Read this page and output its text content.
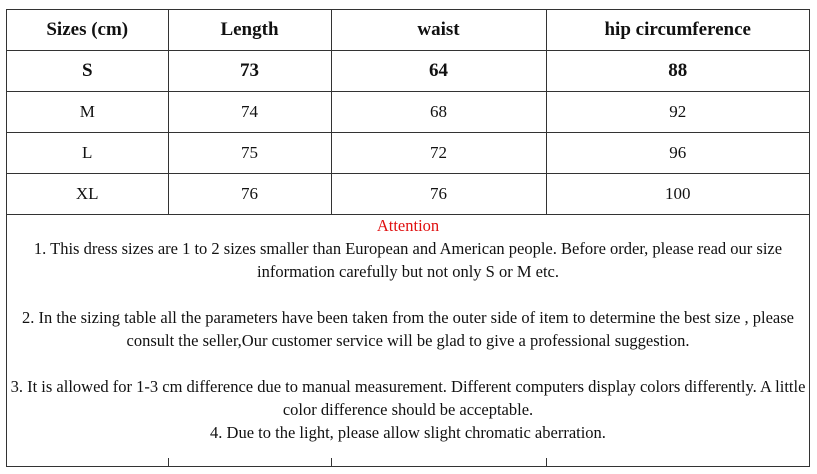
Sizes (cm)	Length	waist	hip circumference
S	73	64	88
M	74	68	92
L	75	72	96
XL	76	76	100
Attention

1. This dress sizes are 1 to 2 sizes smaller than European and American people. Before order, please read our size information carefully but not only S or M etc.

2. In the sizing table all the parameters have been taken from the outer side of item to determine the best size , please consult the seller,Our customer service will be glad to give a professional suggestion.

3. It is allowed for 1-3 cm difference due to manual measurement. Different computers display colors differently. A little color difference should be acceptable.

4. Due to the light, please allow slight chromatic aberration.
